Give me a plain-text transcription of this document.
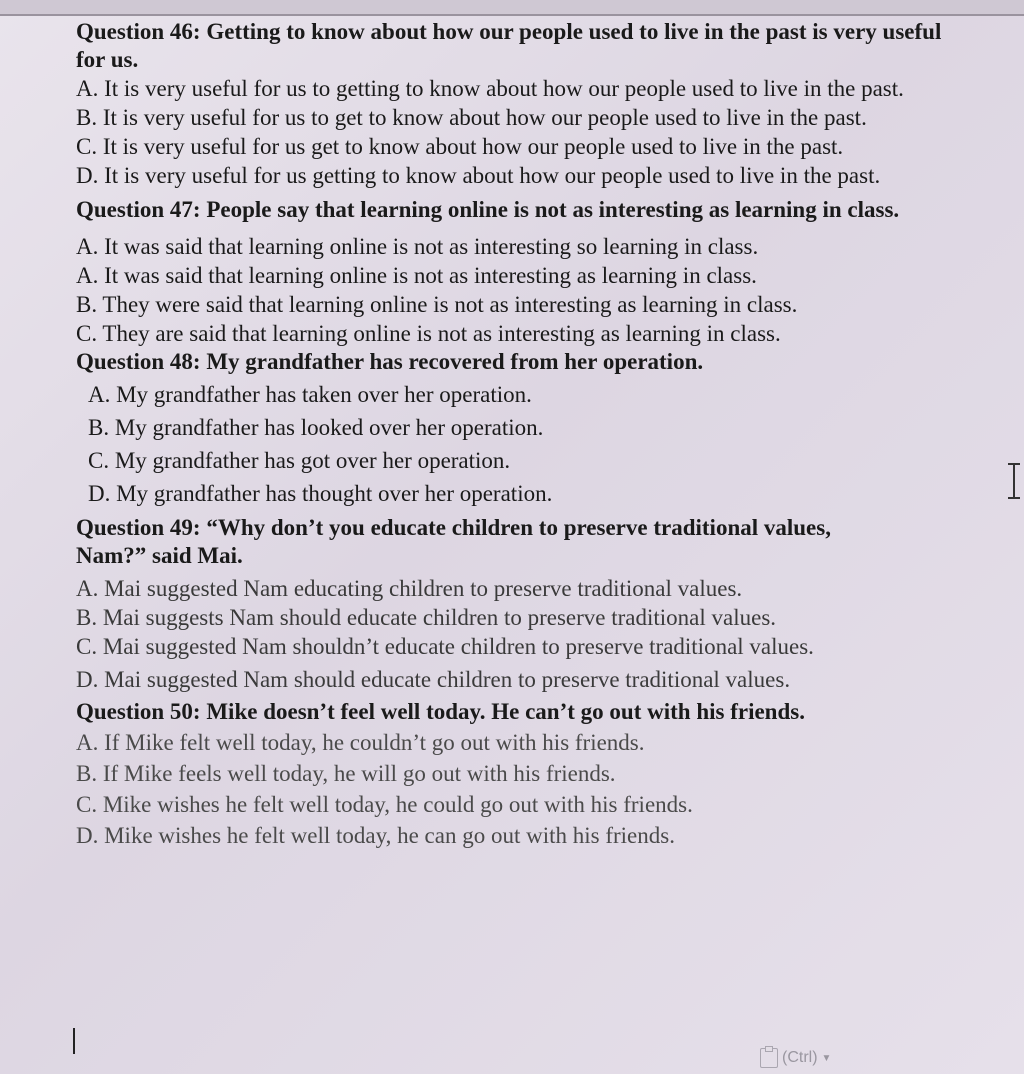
Question 46: Getting to know about how our people used to live in the past is very useful for us.

A. It is very useful for us to getting to know about how our people used to live in the past.

B. It is very useful for us to get to know about how our people used to live in the past.

C. It is very useful for us get to know about how our people used to live in the past.

D. It is very useful for us getting to know about how our people used to live in the past.

Question 47: People say that learning online is not as interesting as learning in class.

A. It was said that learning online is not as interesting so learning in class.

A. It was said that learning online is not as interesting as learning in class.

B. They were said that learning online is not as interesting as learning in class.

C. They are said that learning online is not as interesting as learning in class.

Question 48: My grandfather has recovered from her operation.

A. My grandfather has taken over her operation.

B. My grandfather has looked over her operation.

C. My grandfather has got over her operation.

D. My grandfather has thought over her operation.

Question 49: “Why don’t you educate children to preserve traditional values, Nam?” said Mai.

A. Mai suggested Nam educating children to preserve traditional values.

B. Mai suggests Nam should educate children to preserve traditional values.

C. Mai suggested Nam shouldn’t educate children to preserve traditional values.

D. Mai suggested Nam should educate children to preserve traditional values.

Question 50: Mike doesn’t feel well today. He can’t go out with his friends.

A. If Mike felt well today, he couldn’t go out with his friends.

B. If Mike feels well today, he will go out with his friends.

C. Mike wishes he felt well today, he could go out with his friends.

D. Mike wishes he felt well today, he can go out with his friends.

(Ctrl) ▼
